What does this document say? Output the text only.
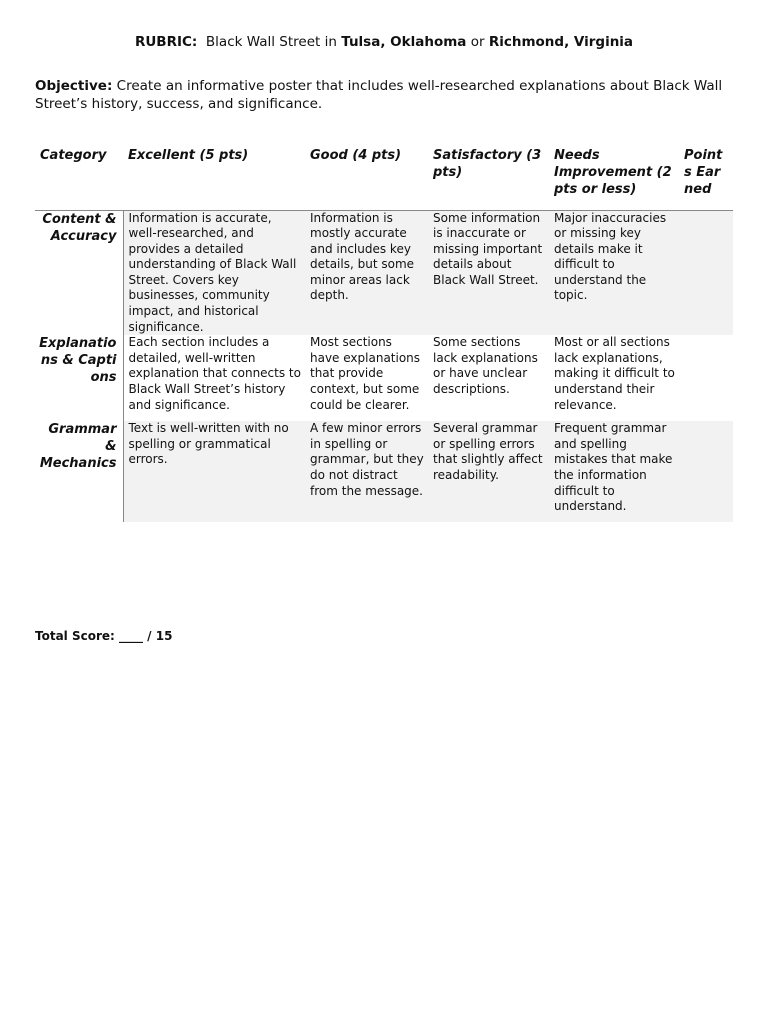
RUBRIC: Black Wall Street in Tulsa, Oklahoma or Richmond, Virginia
Objective: Create an informative poster that includes well-researched explanations about Black Wall Street’s history, success, and significance.
Category	Excellent (5 pts)	Good (4 pts)	Satisfactory (3 pts)	Needs Improvement (2 pts or less)	Points Earned
Content & Accuracy	Information is accurate, well-researched, and provides a detailed understanding of Black Wall Street. Covers key businesses, community impact, and historical significance.	Information is mostly accurate and includes key details, but some minor areas lack depth.	Some information is inaccurate or missing important details about Black Wall Street.	Major inaccuracies or missing key details make it difficult to understand the topic.	
Explanations & Captions	Each section includes a detailed, well-written explanation that connects to Black Wall Street’s history and significance.	Most sections have explanations that provide context, but some could be clearer.	Some sections lack explanations or have unclear descriptions.	Most or all sections lack explanations, making it difficult to understand their relevance.	
Grammar & Mechanics	Text is well-written with no spelling or grammatical errors.	A few minor errors in spelling or grammar, but they do not distract from the message.	Several grammar or spelling errors that slightly affect readability.	Frequent grammar and spelling mistakes that make the information difficult to understand.	
Total Score: ____ / 15
